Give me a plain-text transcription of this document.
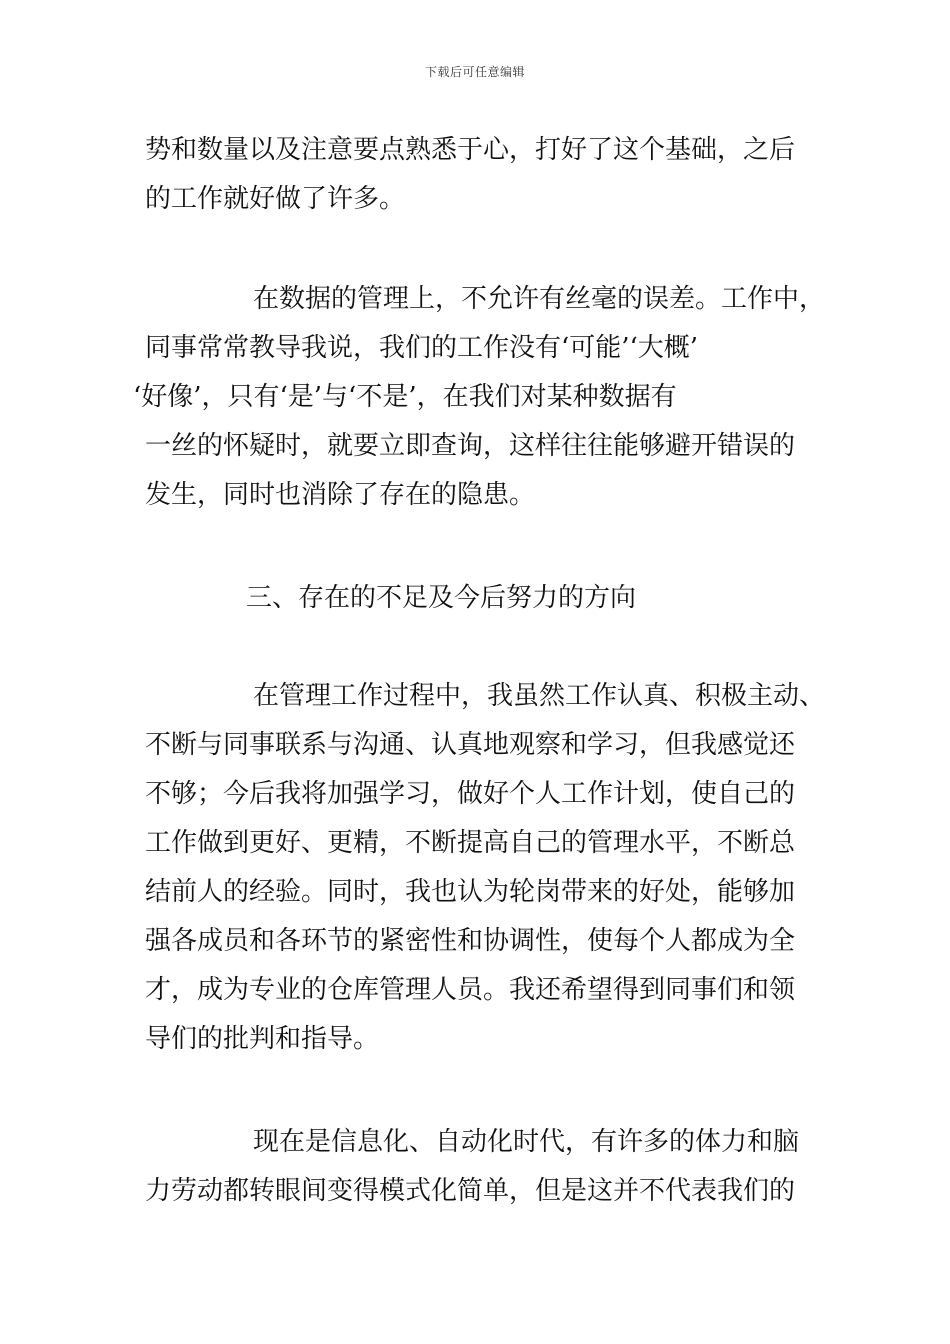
下载后可任意编辑
势和数量以及注意要点熟悉于心，打好了这个基础，之后
的工作就好做了许多。
在数据的管理上，不允许有丝毫的误差。工作中，
同事常常教导我说，我们的工作没有‘可能’‘大概’
‘好像’，只有‘是’与‘不是’，在我们对某种数据有
一丝的怀疑时，就要立即查询，这样往往能够避开错误的
发生，同时也消除了存在的隐患。
三、存在的不足及今后努力的方向
在管理工作过程中，我虽然工作认真、积极主动、
不断与同事联系与沟通、认真地观察和学习，但我感觉还
不够；今后我将加强学习，做好个人工作计划，使自己的
工作做到更好、更精，不断提高自己的管理水平，不断总
结前人的经验。同时，我也认为轮岗带来的好处，能够加
强各成员和各环节的紧密性和协调性，使每个人都成为全
才，成为专业的仓库管理人员。我还希望得到同事们和领
导们的批判和指导。
现在是信息化、自动化时代，有许多的体力和脑
力劳动都转眼间变得模式化简单，但是这并不代表我们的
